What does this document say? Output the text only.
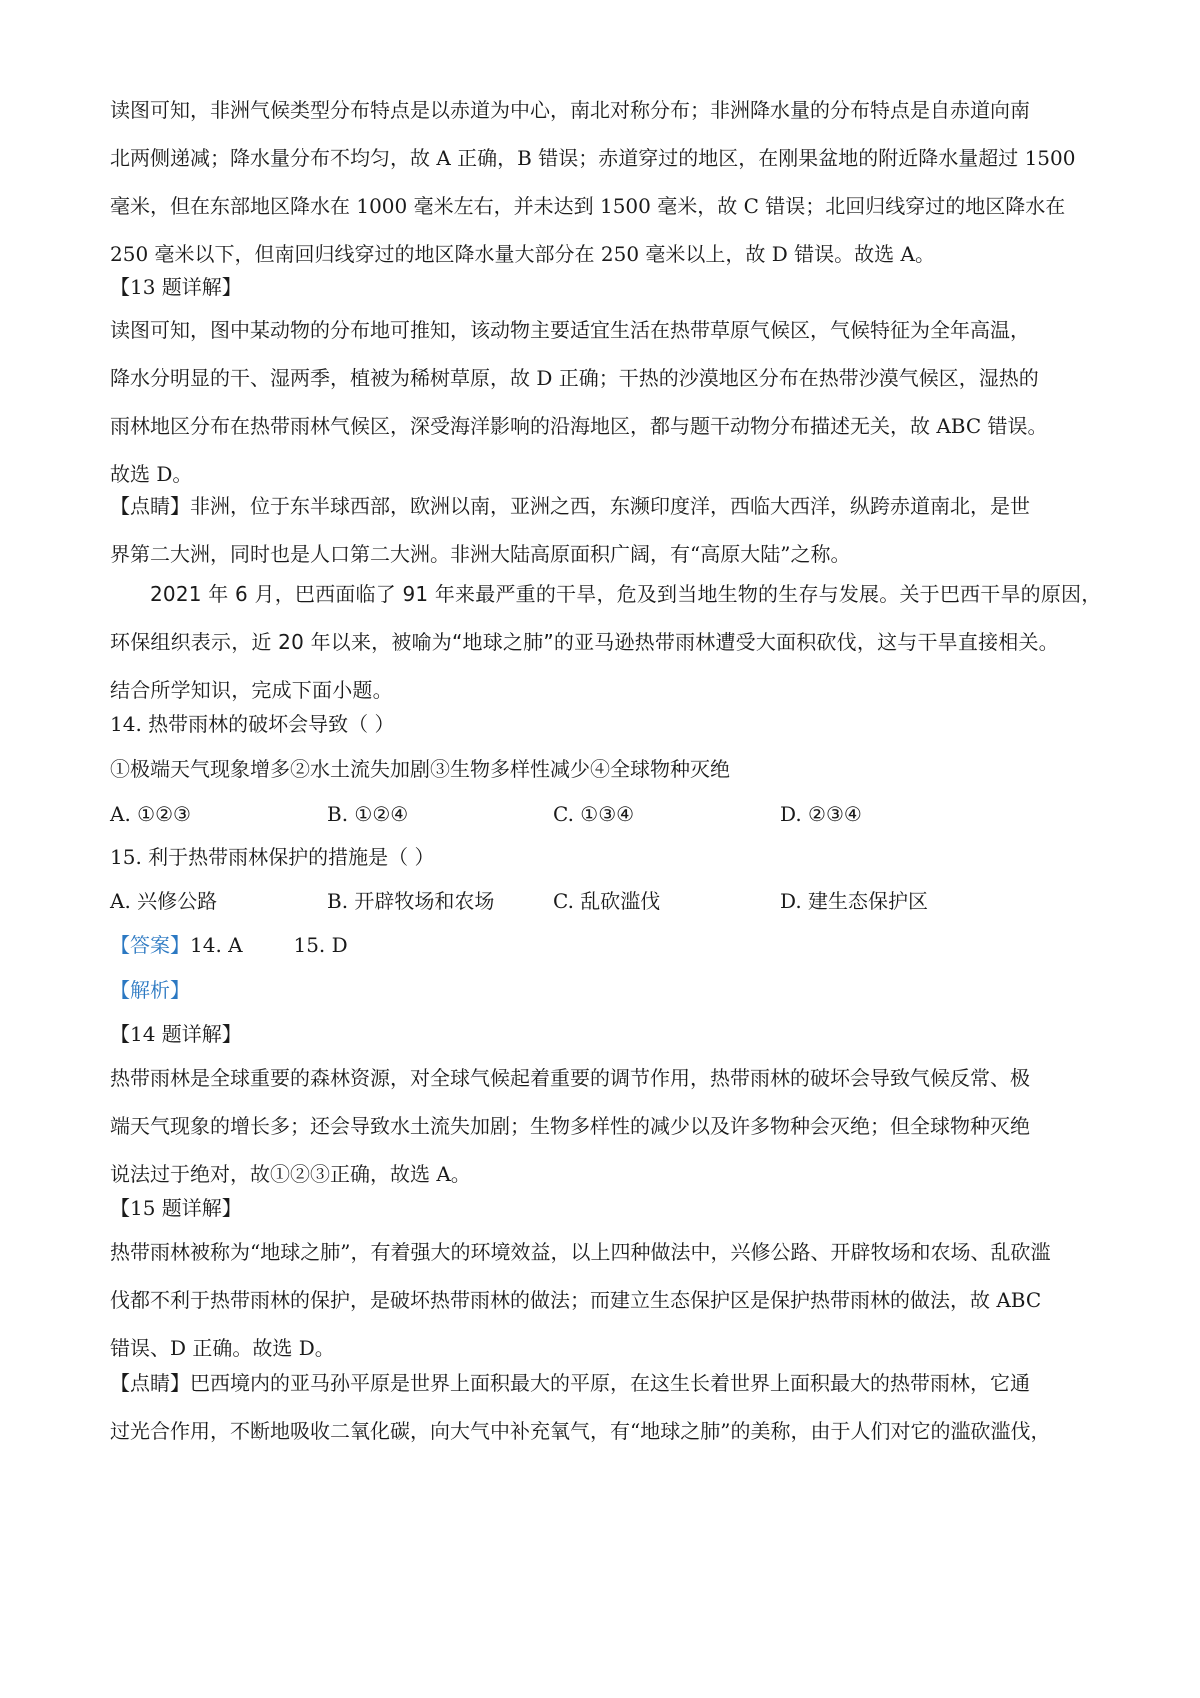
读图可知，非洲气候类型分布特点是以赤道为中心，南北对称分布；非洲降水量的分布特点是自赤道向南
北两侧递减；降水量分布不均匀，故 A 正确，B 错误；赤道穿过的地区，在刚果盆地的附近降水量超过 1500
毫米，但在东部地区降水在 1000 毫米左右，并未达到 1500 毫米，故 C 错误；北回归线穿过的地区降水在
250 毫米以下，但南回归线穿过的地区降水量大部分在 250 毫米以上，故 D 错误。故选 A。
【13 题详解】
读图可知，图中某动物的分布地可推知，该动物主要适宜生活在热带草原气候区，气候特征为全年高温，
降水分明显的干、湿两季，植被为稀树草原，故 D 正确；干热的沙漠地区分布在热带沙漠气候区，湿热的
雨林地区分布在热带雨林气候区，深受海洋影响的沿海地区，都与题干动物分布描述无关，故 ABC 错误。
故选 D。
【点睛】非洲，位于东半球西部，欧洲以南，亚洲之西，东濒印度洋，西临大西洋，纵跨赤道南北，是世
界第二大洲，同时也是人口第二大洲。非洲大陆高原面积广阔，有“高原大陆”之称。
2021 年 6 月，巴西面临了 91 年来最严重的干旱，危及到当地生物的生存与发展。关于巴西干旱的原因，
环保组织表示，近 20 年以来，被喻为“地球之肺”的亚马逊热带雨林遭受大面积砍伐，这与干旱直接相关。
结合所学知识，完成下面小题。
14. 热带雨林的破坏会导致（ ）
①极端天气现象增多②水土流失加剧③生物多样性减少④全球物种灭绝
A. ①②③	B. ①②④	C. ①③④	D. ②③④
15. 利于热带雨林保护的措施是（ ）
A. 兴修公路	B. 开辟牧场和农场	C. 乱砍滥伐	D. 建生态保护区
【答案】14. A        15. D
【解析】
【14 题详解】
热带雨林是全球重要的森林资源，对全球气候起着重要的调节作用，热带雨林的破坏会导致气候反常、极
端天气现象的增长多；还会导致水土流失加剧；生物多样性的减少以及许多物种会灭绝；但全球物种灭绝
说法过于绝对，故①②③正确，故选 A。
【15 题详解】
热带雨林被称为“地球之肺”，有着强大的环境效益，以上四种做法中，兴修公路、开辟牧场和农场、乱砍滥
伐都不利于热带雨林的保护，是破坏热带雨林的做法；而建立生态保护区是保护热带雨林的做法，故 ABC
错误、D 正确。故选 D。
【点睛】巴西境内的亚马孙平原是世界上面积最大的平原，在这生长着世界上面积最大的热带雨林，它通
过光合作用，不断地吸收二氧化碳，向大气中补充氧气，有“地球之肺”的美称，由于人们对它的滥砍滥伐，
